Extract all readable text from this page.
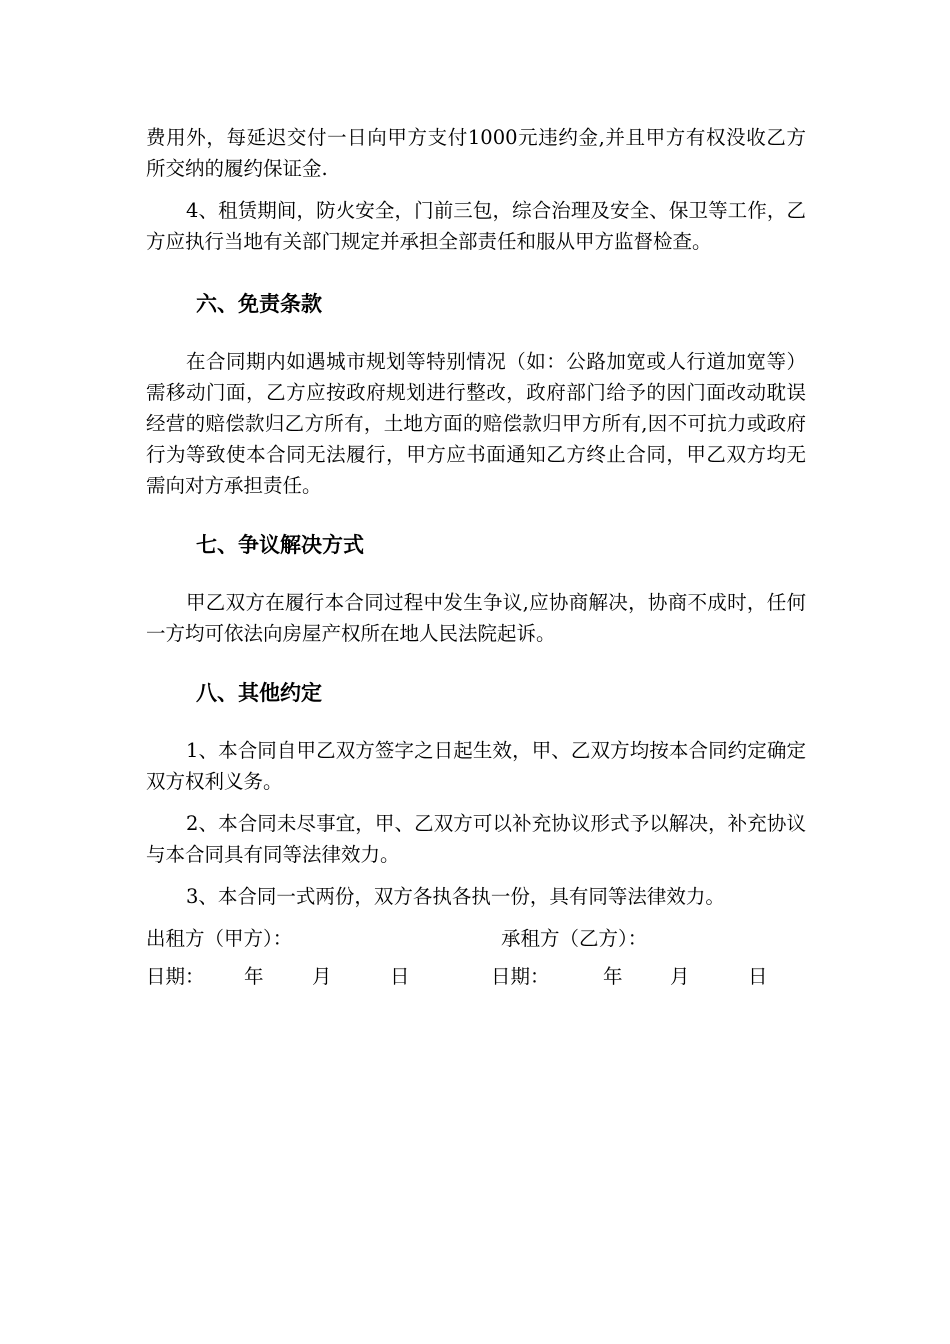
费用外，每延迟交付一日向甲方支付1000元违约金,并且甲方有权没收乙方所交纳的履约保证金.

4、租赁期间，防火安全，门前三包，综合治理及安全、保卫等工作，乙方应执行当地有关部门规定并承担全部责任和服从甲方监督检查。

六、免责条款

在合同期内如遇城市规划等特别情况（如：公路加宽或人行道加宽等）需移动门面，乙方应按政府规划进行整改，政府部门给予的因门面改动耽误经营的赔偿款归乙方所有，土地方面的赔偿款归甲方所有,因不可抗力或政府行为等致使本合同无法履行，甲方应书面通知乙方终止合同，甲乙双方均无需向对方承担责任。

七、争议解决方式

甲乙双方在履行本合同过程中发生争议,应协商解决，协商不成时，任何一方均可依法向房屋产权所在地人民法院起诉。

八、其他约定

1、本合同自甲乙双方签字之日起生效，甲、乙双方均按本合同约定确定双方权利义务。

2、本合同未尽事宜，甲、乙双方可以补充协议形式予以解决，补充协议与本合同具有同等法律效力。

3、本合同一式两份，双方各执各执一份，具有同等法律效力。

出租方（甲方）：	承租方（乙方）：
日期： 年 月	日	日期：	年 月	日
